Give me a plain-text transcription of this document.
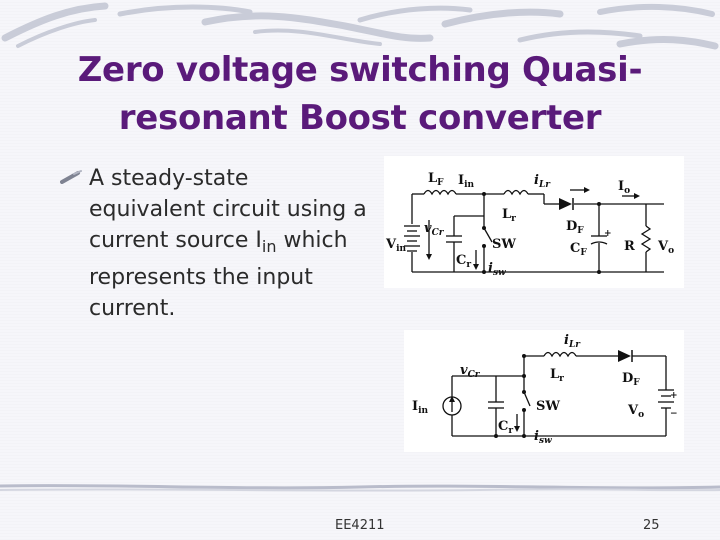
Zero voltage switching Quasi-
resonant Boost converter
A steady-state equivalent circuit using a current source $I_{in}$ which represents the input current.
$L_F$ $I_{in}$	$i_{Lr}$	$I_o$
$L_r$
$v_{Cr}$	$D_F$
$V_{in}$	SW	$C_F$
+
R $V_o$
$C_r$ $i_{sw}$
$i_{Lr}$
$v_{Cr}$	$L_r$	$D_F$
$I_{in}$	SW	$V_o$
+
−
$C_r$ $i_{sw}$
EE4211	25
